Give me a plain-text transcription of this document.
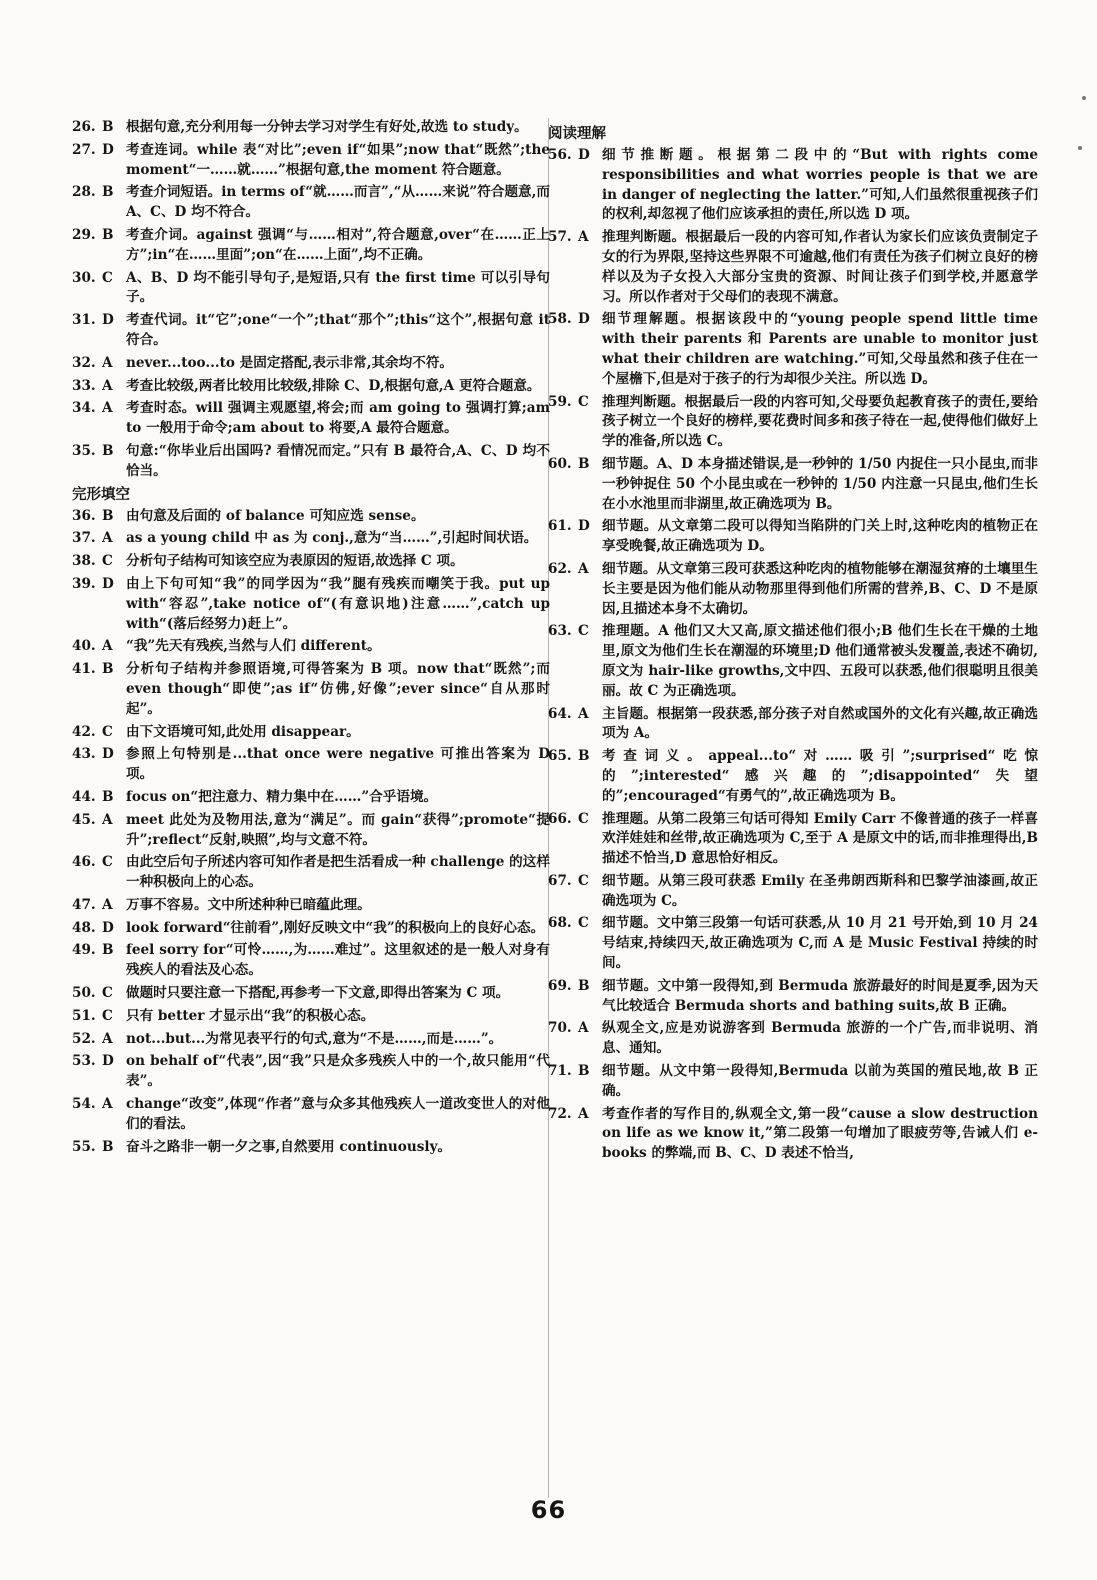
26. B 根据句意,充分利用每一分钟去学习对学生有好处,故选 to study。
27. D 考查连词。while 表“对比”;even if“如果”;now that“既然”;the moment“一……就……”根据句意,the moment 符合题意。
28. B 考查介词短语。in terms of“就……而言”,“从……来说”符合题意,而 A、C、D 均不符合。
29. B 考查介词。against 强调“与……相对”,符合题意,over“在……正上方”;in“在……里面”;on“在……上面”,均不正确。
30. C A、B、D 均不能引导句子,是短语,只有 the first time 可以引导句子。
31. D 考查代词。it“它”;one“一个”;that“那个”;this“这个”,根据句意 it 符合。
32. A never...too...to 是固定搭配,表示非常,其余均不符。
33. A 考查比较级,两者比较用比较级,排除 C、D,根据句意,A 更符合题意。
34. A 考查时态。will 强调主观愿望,将会;而 am going to 强调打算;am to 一般用于命令;am about to 将要,A 最符合题意。
35. B 句意:“你毕业后出国吗? 看情况而定。”只有 B 最符合,A、C、D 均不恰当。
完形填空
36. B 由句意及后面的 of balance 可知应选 sense。
37. A as a young child 中 as 为 conj.,意为“当……”,引起时间状语。
38. C 分析句子结构可知该空应为表原因的短语,故选择 C 项。
39. D 由上下句可知“我”的同学因为“我”腿有残疾而嘲笑于我。put up with“容忍”,take notice of“(有意识地)注意……”,catch up with“(落后经努力)赶上”。
40. A “我”先天有残疾,当然与人们 different。
41. B 分析句子结构并参照语境,可得答案为 B 项。now that“既然”;而 even though“即使”;as if“仿佛,好像”;ever since“自从那时起”。
42. C 由下文语境可知,此处用 disappear。
43. D 参照上句特别是...that once were negative 可推出答案为 D 项。
44. B focus on“把注意力、精力集中在……”合乎语境。
45. A meet 此处为及物用法,意为“满足”。而 gain“获得”;promote“提升”;reflect“反射,映照”,均与文意不符。
46. C 由此空后句子所述内容可知作者是把生活看成一种 challenge 的这样一种积极向上的心态。
47. A 万事不容易。文中所述种种已暗蕴此理。
48. D look forward“往前看”,刚好反映文中“我”的积极向上的良好心态。
49. B feel sorry for“可怜……,为……难过”。这里叙述的是一般人对身有残疾人的看法及心态。
50. C 做题时只要注意一下搭配,再参考一下文意,即得出答案为 C 项。
51. C 只有 better 才显示出“我”的积极心态。
52. A not...but...为常见表平行的句式,意为“不是……,而是……”。
53. D on behalf of“代表”,因“我”只是众多残疾人中的一个,故只能用“代表”。
54. A change“改变”,体现“作者”意与众多其他残疾人一道改变世人的对他们的看法。
55. B 奋斗之路非一朝一夕之事,自然要用 continuously。
阅读理解
56. D 细节推断题。根据第二段中的“But with rights come responsibilities and what worries people is that we are in danger of neglecting the latter.”可知,人们虽然很重视孩子们的权利,却忽视了他们应该承担的责任,所以选 D 项。
57. A 推理判断题。根据最后一段的内容可知,作者认为家长们应该负责制定子女的行为界限,坚持这些界限不可逾越,他们有责任为孩子们树立良好的榜样以及为子女投入大部分宝贵的资源、时间让孩子们到学校,并愿意学习。所以作者对于父母们的表现不满意。
58. D 细节理解题。根据该段中的“young people spend little time with their parents 和 Parents are unable to monitor just what their children are watching.”可知,父母虽然和孩子住在一个屋檐下,但是对于孩子的行为却很少关注。所以选 D。
59. C 推理判断题。根据最后一段的内容可知,父母要负起教育孩子的责任,要给孩子树立一个良好的榜样,要花费时间多和孩子待在一起,使得他们做好上学的准备,所以选 C。
60. B 细节题。A、D 本身描述错误,是一秒钟的 1/50 内捉住一只小昆虫,而非一秒钟捉住 50 个小昆虫或在一秒钟的 1/50 内注意一只昆虫,他们生长在小水池里而非湖里,故正确选项为 B。
61. D 细节题。从文章第二段可以得知当陷阱的门关上时,这种吃肉的植物正在享受晚餐,故正确选项为 D。
62. A 细节题。从文章第三段可获悉这种吃肉的植物能够在潮湿贫瘠的土壤里生长主要是因为他们能从动物那里得到他们所需的营养,B、C、D 不是原因,且描述本身不太确切。
63. C 推理题。A 他们又大又高,原文描述他们很小;B 他们生长在干燥的土地里,原文为他们生长在潮湿的环境里;D 他们通常被头发覆盖,表述不确切,原文为 hair-like growths,文中四、五段可以获悉,他们很聪明且很美丽。故 C 为正确选项。
64. A 主旨题。根据第一段获悉,部分孩子对自然或国外的文化有兴趣,故正确选项为 A。
65. B 考查词义。appeal...to“对……吸引”;surprised“吃惊的”;interested“感兴趣的”;disappointed“失望的”;encouraged“有勇气的”,故正确选项为 B。
66. C 推理题。从第二段第三句话可得知 Emily Carr 不像普通的孩子一样喜欢洋娃娃和丝带,故正确选项为 C,至于 A 是原文中的话,而非推理得出,B 描述不恰当,D 意思恰好相反。
67. C 细节题。从第三段可获悉 Emily 在圣弗朗西斯科和巴黎学油漆画,故正确选项为 C。
68. C 细节题。文中第三段第一句话可获悉,从 10 月 21 号开始,到 10 月 24 号结束,持续四天,故正确选项为 C,而 A 是 Music Festival 持续的时间。
69. B 细节题。文中第一段得知,到 Bermuda 旅游最好的时间是夏季,因为天气比较适合 Bermuda shorts and bathing suits,故 B 正确。
70. A 纵观全文,应是劝说游客到 Bermuda 旅游的一个广告,而非说明、消息、通知。
71. B 细节题。从文中第一段得知,Bermuda 以前为英国的殖民地,故 B 正确。
72. A 考查作者的写作目的,纵观全文,第一段“cause a slow destruction on life as we know it,”第二段第一句增加了眼疲劳等,告诫人们 e-books 的弊端,而 B、C、D 表述不恰当,
66
